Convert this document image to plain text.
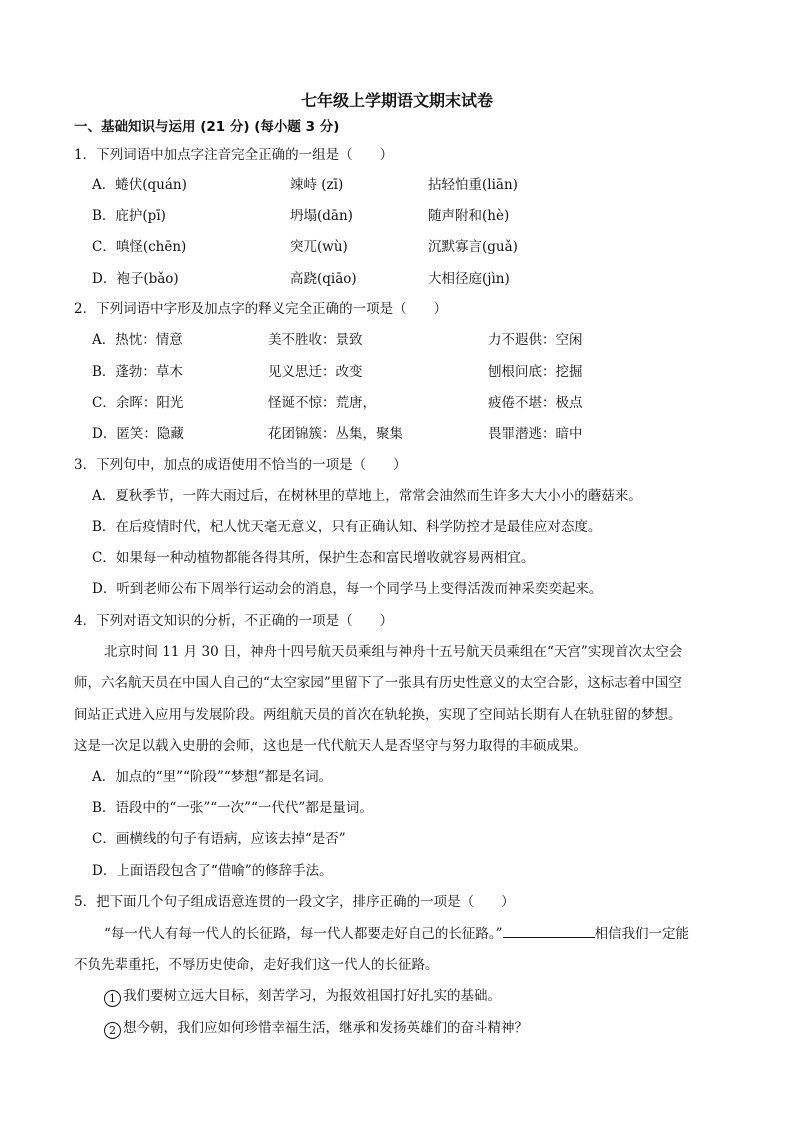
七年级上学期语文期末试卷
一、基础知识与运用 (21 分) (每小题 3 分)
1．下列词语中加点字注音完全正确的一组是（　　）
A．蜷伏(quán)	竦峙 (zī)	拈轻怕重(liān)
B．庇护(pī)	坍塌(dān)	随声附和(hè)
C．嗔怪(chēn)	突兀(wù)	沉默寡言(guǎ)
D．袍子(bǎo)	高跷(qiāo)	大相径庭(jìn)
2．下列词语中字形及加点字的释义完全正确的一项是（　　）
A．热忱：情意	美不胜收：景致	力不遐供：空闲
B．蓬勃：草木	见义思迁：改变	刨根问底：挖掘
C．余晖：阳光	怪诞不惊：荒唐，	疲倦不堪：极点
D．匿笑：隐藏	花团锦簇：丛集，聚集	畏罪潜逃：暗中
3．下列句中，加点的成语使用不恰当的一项是（　　）
A．夏秋季节，一阵大雨过后，在树林里的草地上，常常会油然而生许多大大小小的蘑菇来。
B．在后疫情时代，杞人忧天毫无意义，只有正确认知、科学防控才是最佳应对态度。
C．如果每一种动植物都能各得其所，保护生态和富民增收就容易两相宜。
D．听到老师公布下周举行运动会的消息，每一个同学马上变得活泼而神采奕奕起来。
4．下列对语文知识的分析，不正确的一项是（　　）
北京时间 11 月 30 日，神舟十四号航天员乘组与神舟十五号航天员乘组在“天宫”实现首次太空会
师，六名航天员在中国人自己的“太空家园”里留下了一张具有历史性意义的太空合影，这标志着中国空
间站正式进入应用与发展阶段。两组航天员的首次在轨轮换，实现了空间站长期有人在轨驻留的梦想。
这是一次足以载入史册的会师，这也是一代代航天人是否坚守与努力取得的丰硕成果。
A．加点的“里”“阶段”“梦想”都是名词。
B．语段中的“一张”“一次”“一代代”都是量词。
C．画横线的句子有语病，应该去掉“是否”
D．上面语段包含了“借喻”的修辞手法。
5．把下面几个句子组成语意连贯的一段文字，排序正确的一项是（　　）
“每一代人有每一代人的长征路，每一代人都要走好自己的长征路。”	相信我们一定能
不负先辈重托，不辱历史使命，走好我们这一代人的长征路。
1 我们要树立远大目标，刻苦学习，为报效祖国打好扎实的基础。
2 想今朝，我们应如何珍惜幸福生活，继承和发扬英雄们的奋斗精神？
